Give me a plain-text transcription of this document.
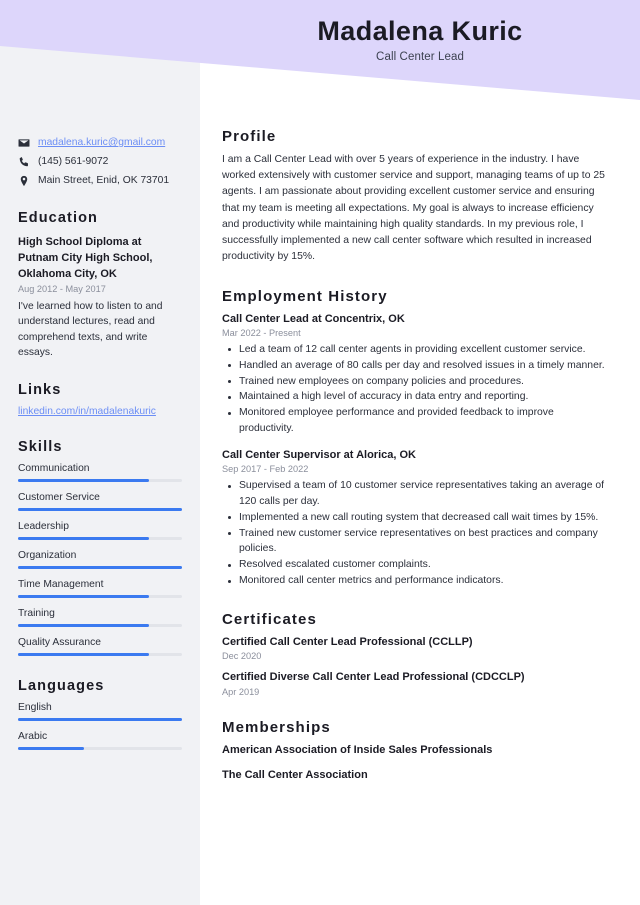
Madalena Kuric
Call Center Lead
madalena.kuric@gmail.com
(145) 561-9072
Main Street, Enid, OK 73701
Education
High School Diploma at Putnam City High School, Oklahoma City, OK
Aug 2012 - May 2017
I've learned how to listen to and understand lectures, read and comprehend texts, and write essays.
Links
linkedin.com/in/madalenakuric
Skills
Communication
Customer Service
Leadership
Organization
Time Management
Training
Quality Assurance
Languages
English
Arabic
Profile
I am a Call Center Lead with over 5 years of experience in the industry. I have worked extensively with customer service and support, managing teams of up to 25 agents. I am passionate about providing excellent customer service and ensuring that my team is meeting all expectations. My goal is always to increase efficiency and productivity while maintaining high quality standards. In my previous role, I successfully implemented a new call center software which resulted in increased productivity by 15%.
Employment History
Call Center Lead at Concentrix, OK
Mar 2022 - Present
Led a team of 12 call center agents in providing excellent customer service.
Handled an average of 80 calls per day and resolved issues in a timely manner.
Trained new employees on company policies and procedures.
Maintained a high level of accuracy in data entry and reporting.
Monitored employee performance and provided feedback to improve productivity.
Call Center Supervisor at Alorica, OK
Sep 2017 - Feb 2022
Supervised a team of 10 customer service representatives taking an average of 120 calls per day.
Implemented a new call routing system that decreased call wait times by 15%.
Trained new customer service representatives on best practices and company policies.
Resolved escalated customer complaints.
Monitored call center metrics and performance indicators.
Certificates
Certified Call Center Lead Professional (CCLLP)
Dec 2020
Certified Diverse Call Center Lead Professional (CDCCLP)
Apr 2019
Memberships
American Association of Inside Sales Professionals
The Call Center Association
